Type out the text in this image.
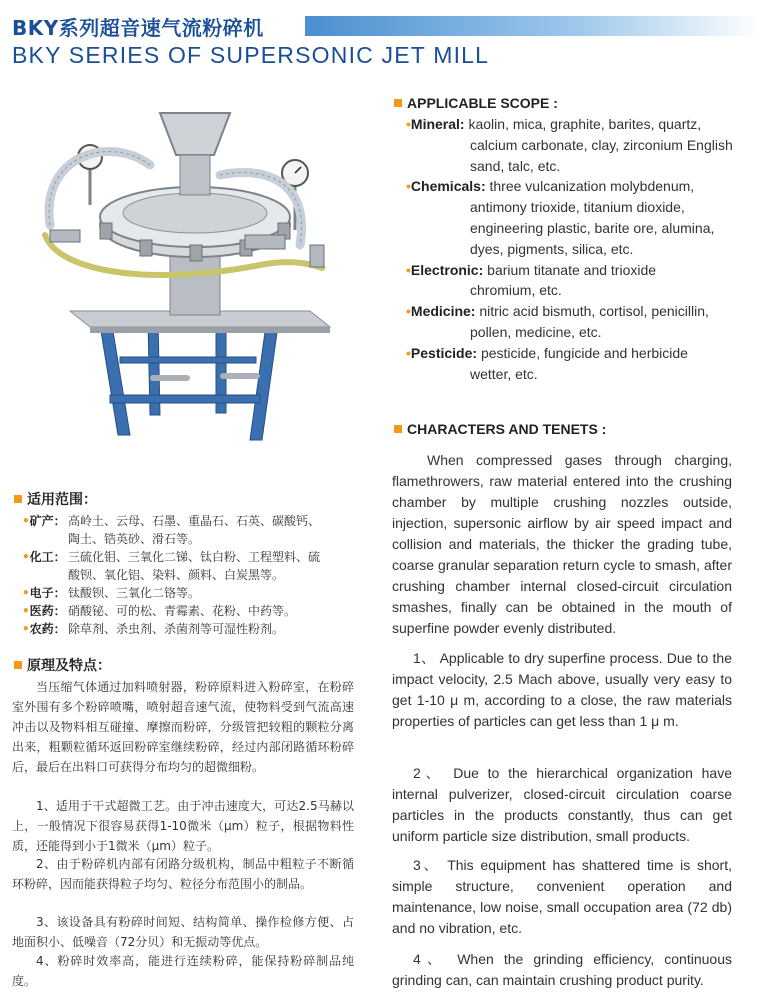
BKY系列超音速气流粉碎机
BKY SERIES OF SUPERSONIC JET MILL
适用范围：
•矿产： 高岭土、云母、石墨、重晶石、石英、碳酸钙、
陶土、锆英砂、滑石等。
•化工： 三硫化钼、三氧化二锑、钛白粉、工程塑料、硫
酸钡、氧化铝、染料、颜料、白炭黑等。
•电子： 钛酸钡、三氧化二铬等。
•医药： 硝酸铋、可的松、青霉素、花粉、中药等。
•农药： 除草剂、杀虫剂、杀菌剂等可湿性粉剂。
原理及特点：

当压缩气体通过加料喷射器，粉碎原料进入粉碎室，在粉碎室外围有多个粉碎喷嘴，喷射超音速气流，使物料受到气流高速冲击以及物料相互碰撞、摩擦而粉碎，分级管把较粗的颗粒分离出来，粗颗粒循环返回粉碎室继续粉碎，经过内部闭路循环粉碎后，最后在出料口可获得分布均匀的超微细粉。

1、适用于干式超微工艺。由于冲击速度大，可达2.5马赫以上，一般情况下很容易获得1-10微米（μm）粒子，根据物料性质，还能得到小于1微米（μm）粒子。

2、由于粉碎机内部有闭路分级机构，制品中粗粒子不断循环粉碎，因而能获得粒子均匀、粒径分布范围小的制品。

3、该设备具有粉碎时间短、结构简单、操作检修方便、占地面积小、低噪音（72分贝）和无振动等优点。

4、粉碎时效率高，能进行连续粉碎，能保持粉碎制品纯度。

APPLICABLE SCOPE :
•Mineral: kaolin, mica, graphite, barites, quartz,
calcium carbonate, clay, zirconium English
sand, talc, etc.
•Chemicals: three vulcanization molybdenum,
antimony trioxide, titanium dioxide,
engineering plastic, barite ore, alumina,
dyes, pigments, silica, etc.
•Electronic: barium titanate and trioxide
chromium, etc.
•Medicine: nitric acid bismuth, cortisol, penicillin,
pollen, medicine, etc.
•Pesticide: pesticide, fungicide and herbicide
wetter, etc.
CHARACTERS AND TENETS :

When compressed gases through charging, flamethrowers, raw material entered into the crushing chamber by multiple crushing nozzles outside, injection, supersonic airflow by air speed impact and collision and materials, the thicker the grading tube, coarse granular separation return cycle to smash, after crushing chamber internal closed-circuit circulation smashes, finally can be obtained in the mouth of superfine powder evenly distributed.

1、 Applicable to dry superfine process. Due to the impact velocity, 2.5 Mach above, usually very easy to get 1-10 μ m, according to a close, the raw materials properties of particles can get less than 1 μ m.

2、 Due to the hierarchical organization have internal pulverizer, closed-circuit circulation coarse particles in the products constantly, thus can get uniform particle size distribution, small products.

3、 This equipment has shattered time is short, simple structure, convenient operation and maintenance, low noise, small occupation area (72 db) and no vibration, etc.

4、 When the grinding efficiency, continuous grinding can, can maintain crushing product purity.
